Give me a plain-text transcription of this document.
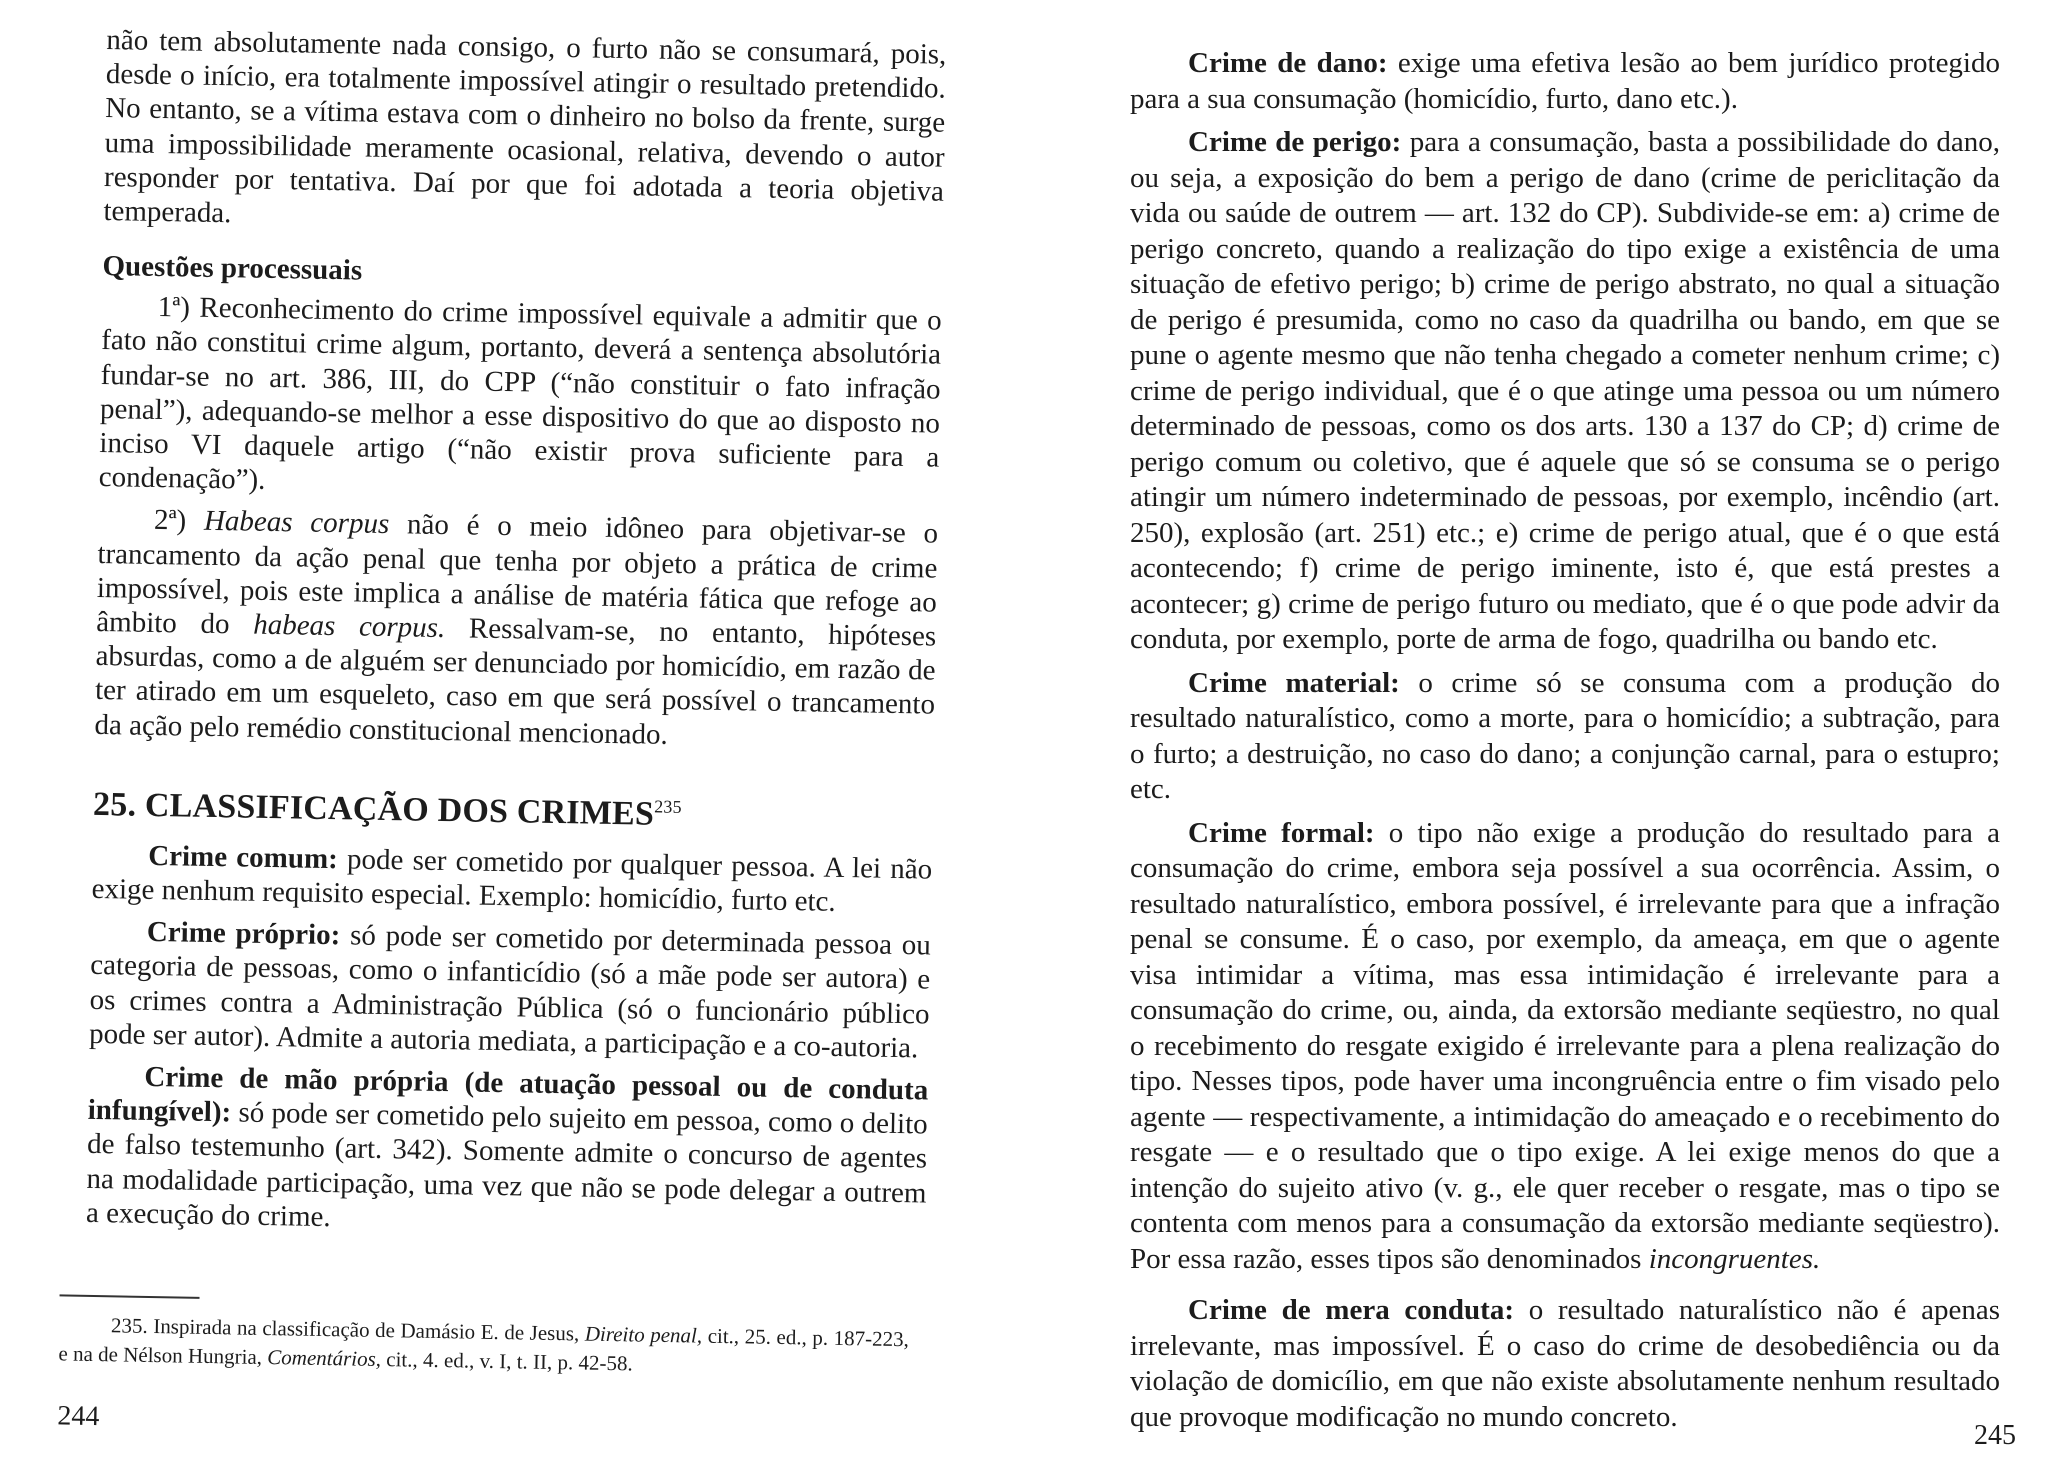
não tem absolutamente nada consigo, o furto não se consumará, pois, desde o início, era totalmente impossível atingir o resultado pretendido. No entanto, se a vítima estava com o dinheiro no bolso da frente, surge uma impossibilidade meramente ocasional, relativa, devendo o autor responder por tentativa. Daí por que foi adotada a teoria objetiva temperada.

Questões processuais

1ª) Reconhecimento do crime impossível equivale a admitir que o fato não constitui crime algum, portanto, deverá a sentença absolutória fundar-se no art. 386, III, do CPP (“não constituir o fato infração penal”), adequando-se melhor a esse dispositivo do que ao disposto no inciso VI daquele artigo (“não existir prova suficiente para a condenação”).

2ª) Habeas corpus não é o meio idôneo para objetivar-se o trancamento da ação penal que tenha por objeto a prática de crime impossível, pois este implica a análise de matéria fática que refoge ao âmbito do habeas corpus. Ressalvam-se, no entanto, hipóteses absurdas, como a de alguém ser denunciado por homicídio, em razão de ter atirado em um esqueleto, caso em que será possível o trancamento da ação pelo remédio constitucional mencionado.

25. CLASSIFICAÇÃO DOS CRIMES$^{235}$

Crime comum: pode ser cometido por qualquer pessoa. A lei não exige nenhum requisito especial. Exemplo: homicídio, furto etc.

Crime próprio: só pode ser cometido por determinada pessoa ou categoria de pessoas, como o infanticídio (só a mãe pode ser autora) e os crimes contra a Administração Pública (só o funcionário público pode ser autor). Admite a autoria mediata, a participação e a co-autoria.

Crime de mão própria (de atuação pessoal ou de conduta infungível): só pode ser cometido pelo sujeito em pessoa, como o delito de falso testemunho (art. 342). Somente admite o concurso de agentes na modalidade participação, uma vez que não se pode delegar a outrem a execução do crime.

235. Inspirada na classificação de Damásio E. de Jesus, Direito penal, cit., 25. ed., p. 187-223, e na de Nélson Hungria, Comentários, cit., 4. ed., v. I, t. II, p. 42-58.
244

Crime de dano: exige uma efetiva lesão ao bem jurídico protegido para a sua consumação (homicídio, furto, dano etc.).

Crime de perigo: para a consumação, basta a possibilidade do dano, ou seja, a exposição do bem a perigo de dano (crime de periclitação da vida ou saúde de outrem — art. 132 do CP). Subdivide-se em: a) crime de perigo concreto, quando a realização do tipo exige a existência de uma situação de efetivo perigo; b) crime de perigo abstrato, no qual a situação de perigo é presumida, como no caso da quadrilha ou bando, em que se pune o agente mesmo que não tenha chegado a cometer nenhum crime; c) crime de perigo individual, que é o que atinge uma pessoa ou um número determinado de pessoas, como os dos arts. 130 a 137 do CP; d) crime de perigo comum ou coletivo, que é aquele que só se consuma se o perigo atingir um número indeterminado de pessoas, por exemplo, incêndio (art. 250), explosão (art. 251) etc.; e) crime de perigo atual, que é o que está acontecendo; f) crime de perigo iminente, isto é, que está prestes a acontecer; g) crime de perigo futuro ou mediato, que é o que pode advir da conduta, por exemplo, porte de arma de fogo, quadrilha ou bando etc.

Crime material: o crime só se consuma com a produção do resultado naturalístico, como a morte, para o homicídio; a subtração, para o furto; a destruição, no caso do dano; a conjunção carnal, para o estupro; etc.

Crime formal: o tipo não exige a produção do resultado para a consumação do crime, embora seja possível a sua ocorrência. Assim, o resultado naturalístico, embora possível, é irrelevante para que a infração penal se consume. É o caso, por exemplo, da ameaça, em que o agente visa intimidar a vítima, mas essa intimidação é irrelevante para a consumação do crime, ou, ainda, da extorsão mediante seqüestro, no qual o recebimento do resgate exigido é irrelevante para a plena realização do tipo. Nesses tipos, pode haver uma incongruência entre o fim visado pelo agente — respectivamente, a intimidação do ameaçado e o recebimento do resgate — e o resultado que o tipo exige. A lei exige menos do que a intenção do sujeito ativo (v. g., ele quer receber o resgate, mas o tipo se contenta com menos para a consumação da extorsão mediante seqüestro). Por essa razão, esses tipos são denominados incongruentes.

Crime de mera conduta: o resultado naturalístico não é apenas irrelevante, mas impossível. É o caso do crime de desobediência ou da violação de domicílio, em que não existe absolutamente nenhum resultado que provoque modificação no mundo concreto.

245
